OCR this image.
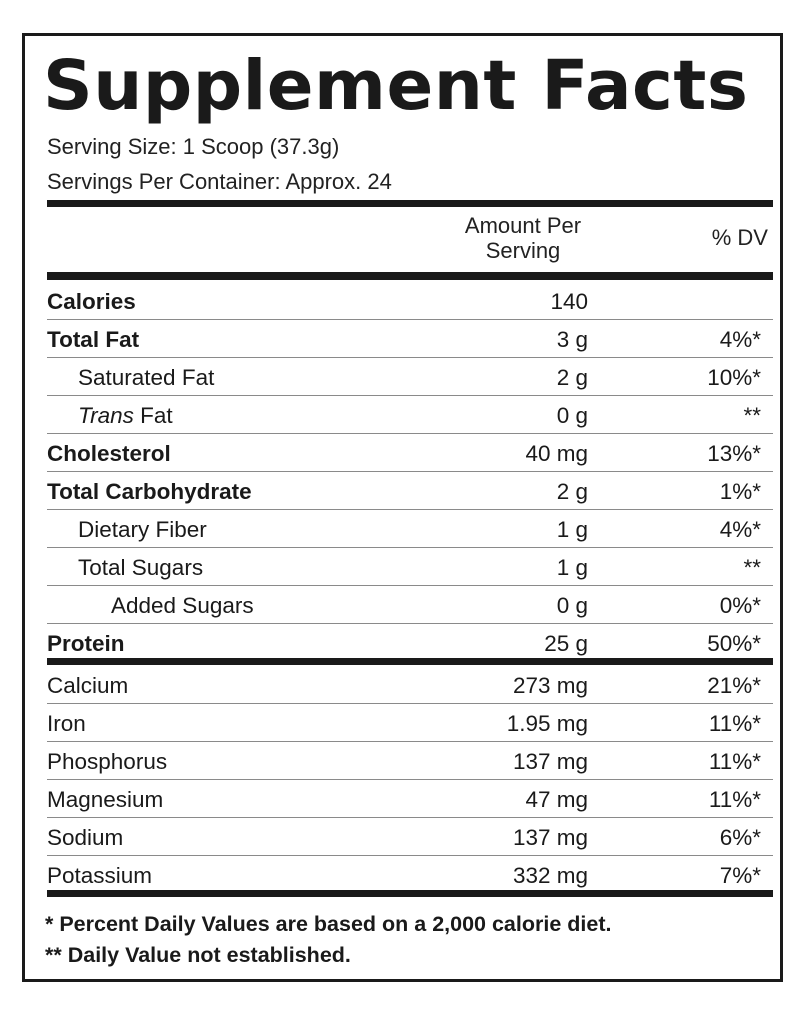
Supplement Facts
Serving Size: 1 Scoop (37.3g)
Servings Per Container: Approx. 24
Amount Per
Serving
% DV
Calories	140
Total Fat	3 g	4%*
Saturated Fat	2 g	10%*
Trans Fat	0 g	**
Cholesterol	40 mg	13%*
Total Carbohydrate	2 g	1%*
Dietary Fiber	1 g	4%*
Total Sugars	1 g	**
Added Sugars	0 g	0%*
Protein	25 g	50%*
Calcium	273 mg	21%*
Iron	1.95 mg	11%*
Phosphorus	137 mg	11%*
Magnesium	47 mg	11%*
Sodium	137 mg	6%*
Potassium	332 mg	7%*
* Percent Daily Values are based on a 2,000 calorie diet.
** Daily Value not established.
